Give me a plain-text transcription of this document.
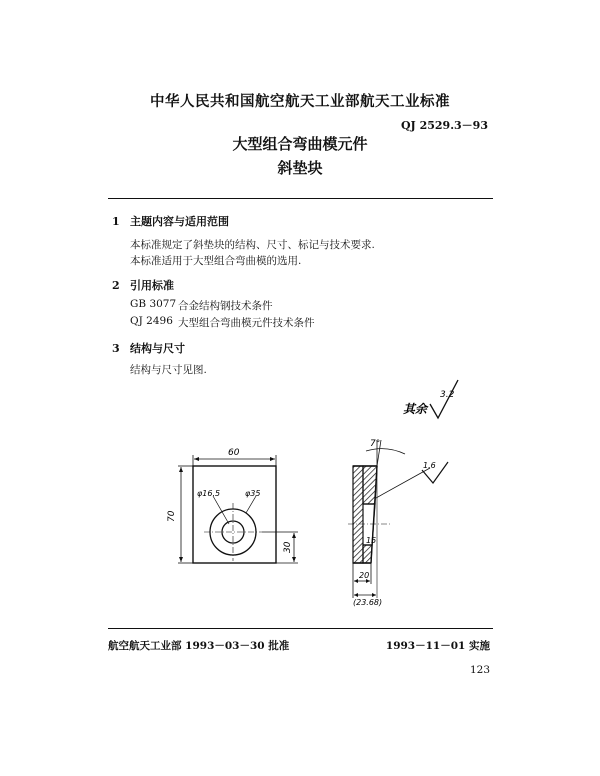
中华人民共和国航空航天工业部航天工业标准
QJ 2529.3－93
大型组合弯曲模元件
斜垫块
1 主题内容与适用范围
本标准规定了斜垫块的结构、尺寸、标记与技术要求.
本标准适用于大型组合弯曲模的选用.
2 引用标准
GB 3077 合金结构钢技术条件
QJ 2496 大型组合弯曲模元件技术条件
3 结构与尺寸
结构与尺寸见图.
其余
3.2
60
70
φ16.5	φ35
30
7°
1.6
15
20
(23.68)
航空航天工业部 1993－03－30 批准	1993－11－01 实施
123
